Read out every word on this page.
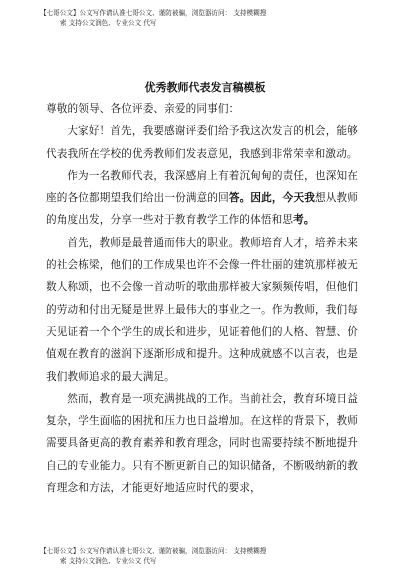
【七哥公文】公文写作请认准七哥公文、谨防被骗，浏览器访问： 支持模糊搜
索 支持公文润色、专业公文 代写
优秀教师代表发言稿模板

尊敬的领导、各位评委、亲爱的同事们：

大家好！首先，我要感谢评委们给予我这次发言的机会，能够代表我所在学校的优秀教师们发表意见，我感到非常荣幸和激动。

作为一名教师代表，我深感肩上有着沉甸甸的责任，也深知在座的各位都期望我们给出一份满意的回答。因此，今天我想从教师的角度出发，分享一些对于教育教学工作的体悟和思考。

首先，教师是最普通而伟大的职业。教师培育人才，培养未来的社会栋梁，他们的工作成果也许不会像一件壮丽的建筑那样被无数人称颂，也不会像一首动听的歌曲那样被大家频频传唱，但他们的劳动和付出无疑是世界上最伟大的事业之一。作为教师，我们每天见证着一个个学生的成长和进步，见证着他们的人格、智慧、价值观在教育的滋润下逐渐形成和提升。这种成就感不以言表，也是我们教师追求的最大满足。

然而，教育是一项充满挑战的工作。当前社会，教育环境日益复杂，学生面临的困扰和压力也日益增加。在这样的背景下，教师需要具备更高的教育素养和教育理念，同时也需要持续不断地提升自己的专业能力。只有不断更新自己的知识储备，不断吸纳新的教育理念和方法，才能更好地适应时代的要求，

【七哥公文】公文写作请认准七哥公文、谨防被骗，浏览器访问： 支持模糊搜
索 支持公文润色、专业公文 代写
